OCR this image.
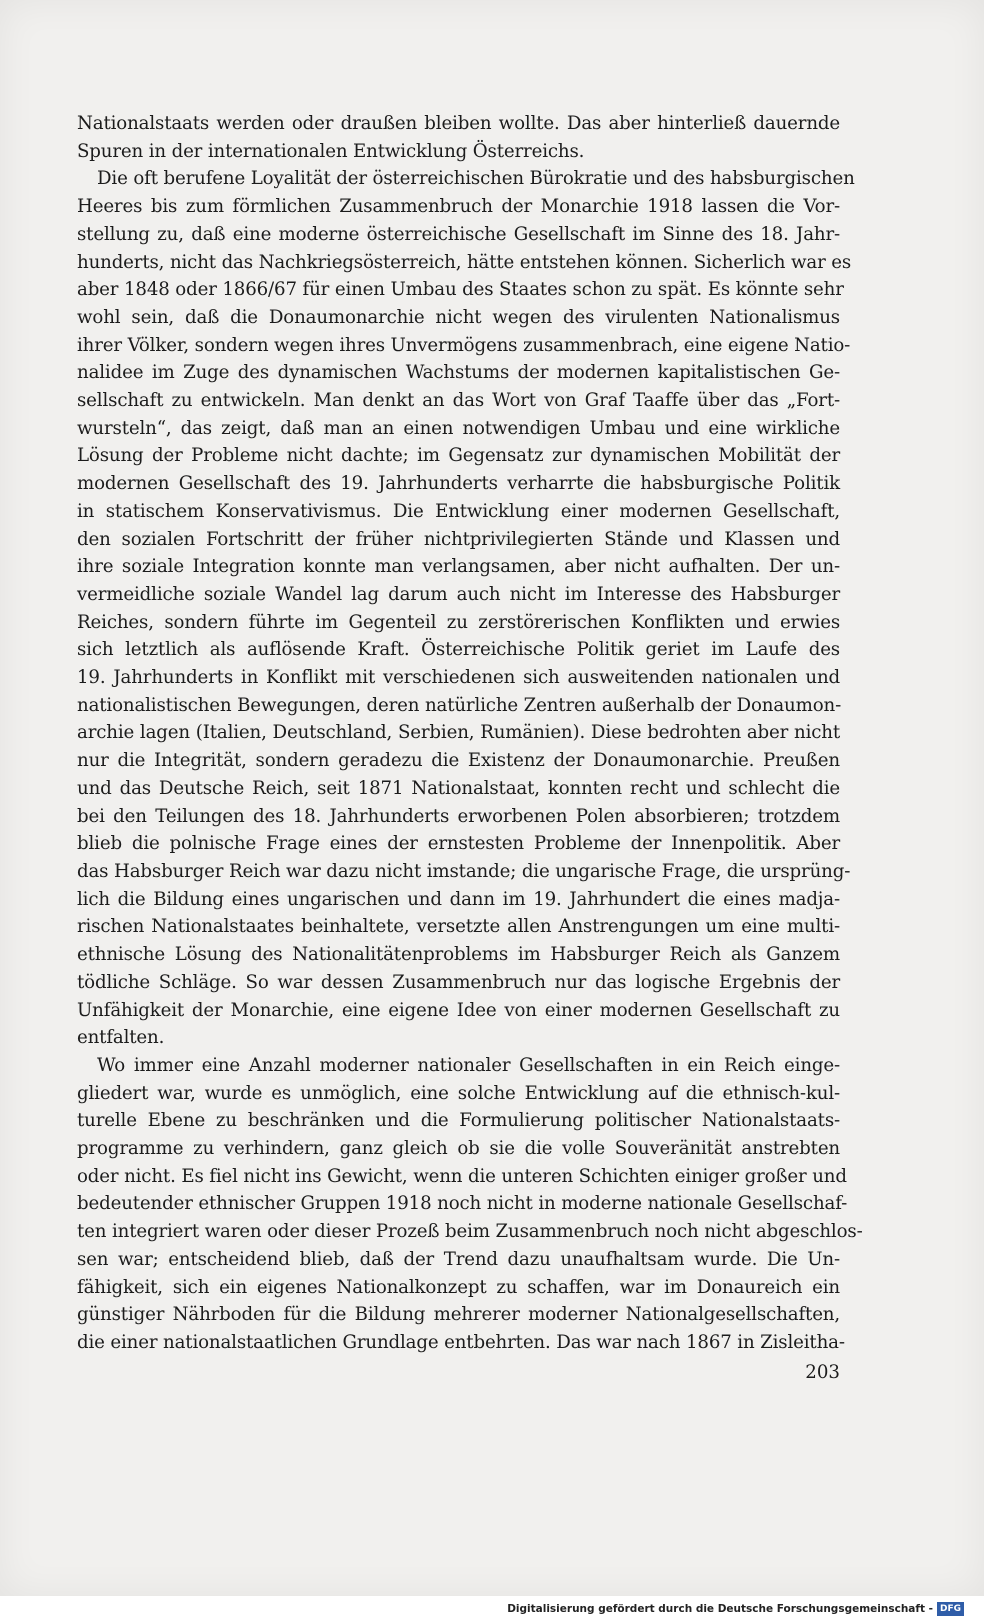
Nationalstaats werden oder draußen bleiben wollte. Das aber hinterließ dauernde
Spuren in der internationalen Entwicklung Österreichs.
Die oft berufene Loyalität der österreichischen Bürokratie und des habsburgischen
Heeres bis zum förmlichen Zusammenbruch der Monarchie 1918 lassen die Vor-
stellung zu, daß eine moderne österreichische Gesellschaft im Sinne des 18. Jahr-
hunderts, nicht das Nachkriegsösterreich, hätte entstehen können. Sicherlich war es
aber 1848 oder 1866/67 für einen Umbau des Staates schon zu spät. Es könnte sehr
wohl sein, daß die Donaumonarchie nicht wegen des virulenten Nationalismus
ihrer Völker, sondern wegen ihres Unvermögens zusammenbrach, eine eigene Natio-
nalidee im Zuge des dynamischen Wachstums der modernen kapitalistischen Ge-
sellschaft zu entwickeln. Man denkt an das Wort von Graf Taaffe über das „Fort-
wursteln“, das zeigt, daß man an einen notwendigen Umbau und eine wirkliche
Lösung der Probleme nicht dachte; im Gegensatz zur dynamischen Mobilität der
modernen Gesellschaft des 19. Jahrhunderts verharrte die habsburgische Politik
in statischem Konservativismus. Die Entwicklung einer modernen Gesellschaft,
den sozialen Fortschritt der früher nichtprivilegierten Stände und Klassen und
ihre soziale Integration konnte man verlangsamen, aber nicht aufhalten. Der un-
vermeidliche soziale Wandel lag darum auch nicht im Interesse des Habsburger
Reiches, sondern führte im Gegenteil zu zerstörerischen Konflikten und erwies
sich letztlich als auflösende Kraft. Österreichische Politik geriet im Laufe des
19. Jahrhunderts in Konflikt mit verschiedenen sich ausweitenden nationalen und
nationalistischen Bewegungen, deren natürliche Zentren außerhalb der Donaumon-
archie lagen (Italien, Deutschland, Serbien, Rumänien). Diese bedrohten aber nicht
nur die Integrität, sondern geradezu die Existenz der Donaumonarchie. Preußen
und das Deutsche Reich, seit 1871 Nationalstaat, konnten recht und schlecht die
bei den Teilungen des 18. Jahrhunderts erworbenen Polen absorbieren; trotzdem
blieb die polnische Frage eines der ernstesten Probleme der Innenpolitik. Aber
das Habsburger Reich war dazu nicht imstande; die ungarische Frage, die ursprüng-
lich die Bildung eines ungarischen und dann im 19. Jahrhundert die eines madja-
rischen Nationalstaates beinhaltete, versetzte allen Anstrengungen um eine multi-
ethnische Lösung des Nationalitätenproblems im Habsburger Reich als Ganzem
tödliche Schläge. So war dessen Zusammenbruch nur das logische Ergebnis der
Unfähigkeit der Monarchie, eine eigene Idee von einer modernen Gesellschaft zu
entfalten.
Wo immer eine Anzahl moderner nationaler Gesellschaften in ein Reich einge-
gliedert war, wurde es unmöglich, eine solche Entwicklung auf die ethnisch-kul-
turelle Ebene zu beschränken und die Formulierung politischer Nationalstaats-
programme zu verhindern, ganz gleich ob sie die volle Souveränität anstrebten
oder nicht. Es fiel nicht ins Gewicht, wenn die unteren Schichten einiger großer und
bedeutender ethnischer Gruppen 1918 noch nicht in moderne nationale Gesellschaf-
ten integriert waren oder dieser Prozeß beim Zusammenbruch noch nicht abgeschlos-
sen war; entscheidend blieb, daß der Trend dazu unaufhaltsam wurde. Die Un-
fähigkeit, sich ein eigenes Nationalkonzept zu schaffen, war im Donaureich ein
günstiger Nährboden für die Bildung mehrerer moderner Nationalgesellschaften,
die einer nationalstaatlichen Grundlage entbehrten. Das war nach 1867 in Zisleitha-
203
Digitalisierung gefördert durch die Deutsche Forschungsgemeinschaft - DFG
